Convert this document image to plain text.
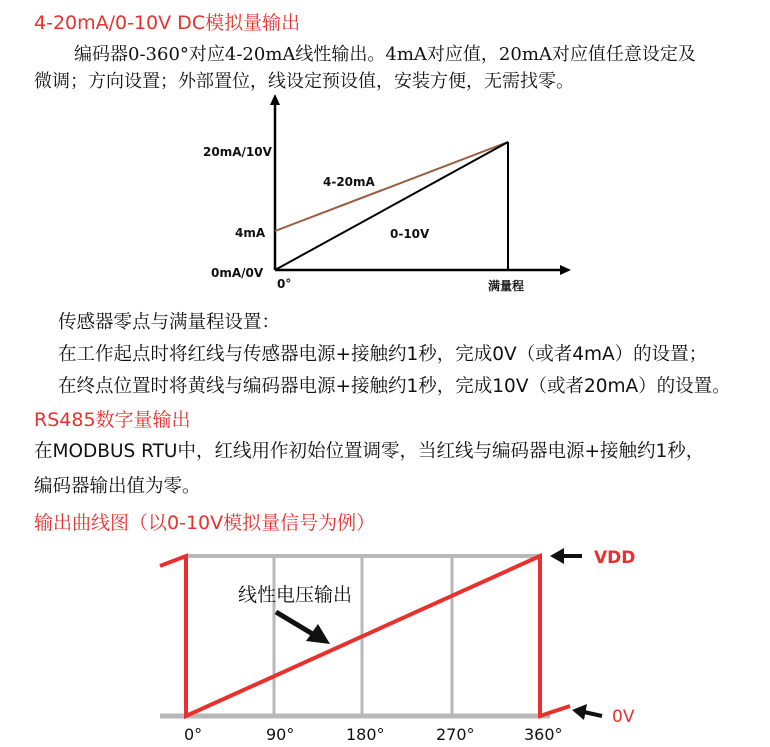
4-20mA/0-10V DC模拟量输出
编码器0-360°对应4-20mA线性输出。4mA对应值，20mA对应值任意设定及
微调；方向设置；外部置位，线设定预设值，安装方便，无需找零。
20mA/10V
4mA
0mA/0V
0°	满量程
4-20mA
0-10V
传感器零点与满量程设置：
在工作起点时将红线与传感器电源+接触约1秒，完成0V（或者4mA）的设置；
在终点位置时将黄线与编码器电源+接触约1秒，完成10V（或者20mA）的设置。
RS485数字量输出
在MODBUS RTU中，红线用作初始位置调零，当红线与编码器电源+接触约1秒，
编码器输出值为零。
输出曲线图（以0-10V模拟量信号为例）
线性电压输出
VDD
0V
0°	90°	180°	270°	360°
